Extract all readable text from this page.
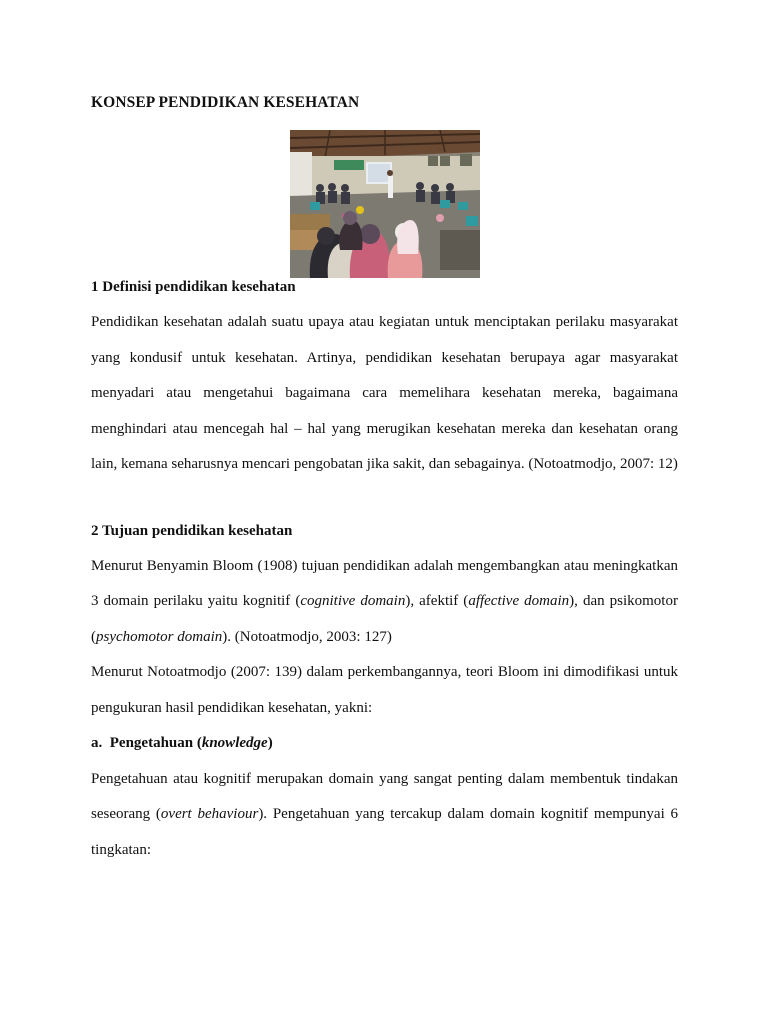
KONSEP PENDIDIKAN KESEHATAN

1 Definisi pendidikan kesehatan

Pendidikan kesehatan adalah suatu upaya atau kegiatan untuk menciptakan perilaku masyarakat yang kondusif untuk kesehatan. Artinya, pendidikan kesehatan berupaya agar masyarakat menyadari atau mengetahui bagaimana cara memelihara kesehatan mereka, bagaimana menghindari atau mencegah hal – hal yang merugikan kesehatan mereka dan kesehatan orang lain, kemana seharusnya mencari pengobatan jika sakit, dan sebagainya. (Notoatmodjo, 2007: 12)

2 Tujuan pendidikan kesehatan

Menurut Benyamin Bloom (1908) tujuan pendidikan adalah mengembangkan atau meningkatkan 3 domain perilaku yaitu kognitif (cognitive domain), afektif (affective domain), dan psikomotor (psychomotor domain). (Notoatmodjo, 2003: 127)

Menurut Notoatmodjo (2007: 139) dalam perkembangannya, teori Bloom ini dimodifikasi untuk pengukuran hasil pendidikan kesehatan, yakni:

a.  Pengetahuan (knowledge)

Pengetahuan atau kognitif merupakan domain yang sangat penting dalam membentuk tindakan seseorang (overt behaviour). Pengetahuan yang tercakup dalam domain kognitif mempunyai 6 tingkatan:
